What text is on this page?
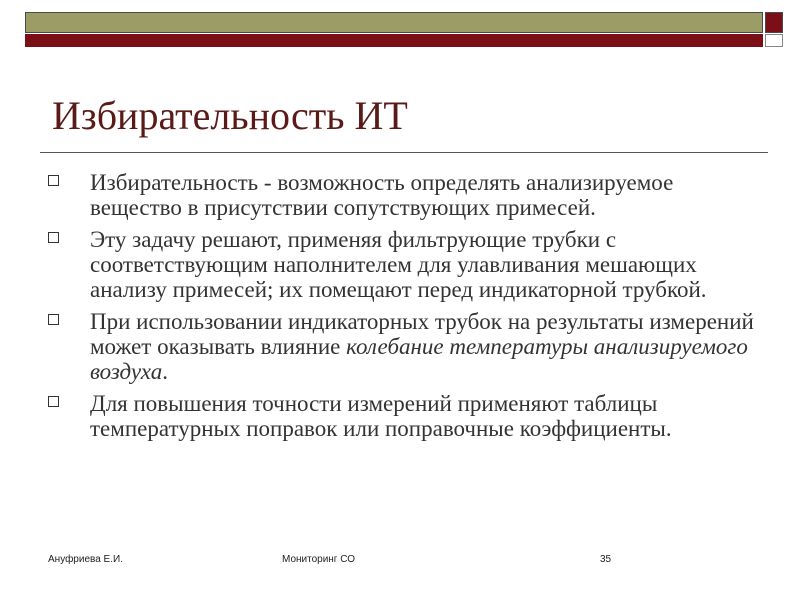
Избирательность ИТ
Избирательность - возможность определять анализируемое вещество в присутствии сопутствующих примесей.
Эту задачу решают, применяя фильтрующие трубки с соответствующим наполнителем для улавливания мешающих анализу примесей; их помещают перед индикаторной трубкой.
При использовании индикаторных трубок на результаты измерений может оказывать влияние колебание температуры анализируемого воздуха.
Для повышения точности измерений применяют таблицы температурных поправок или поправочные коэффициенты.
Ануфриева Е.И.	Мониторинг СО	35
